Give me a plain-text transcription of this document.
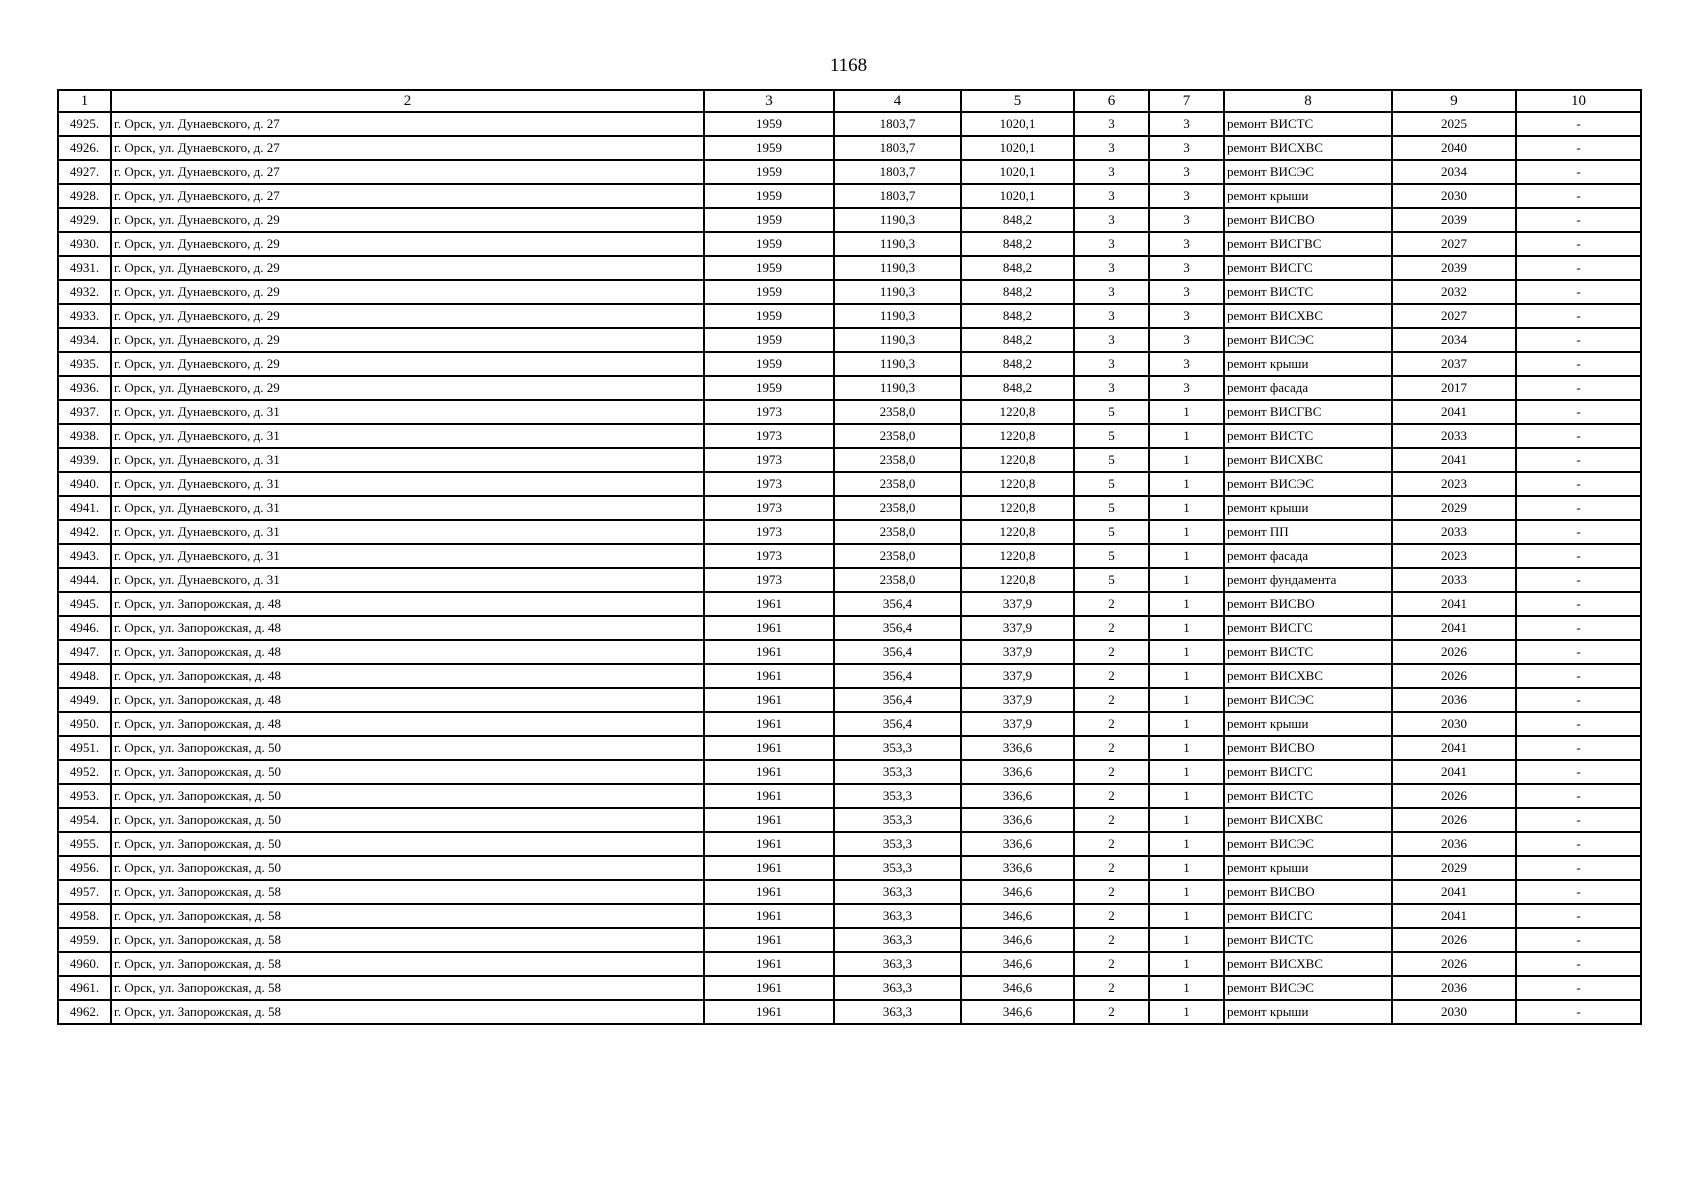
1168
1	2	3	4	5	6	7	8	9	10
4925.	г. Орск, ул. Дунаевского, д. 27	1959	1803,7	1020,1	3	3	ремонт ВИСТС	2025	-
4926.	г. Орск, ул. Дунаевского, д. 27	1959	1803,7	1020,1	3	3	ремонт ВИСХВС	2040	-
4927.	г. Орск, ул. Дунаевского, д. 27	1959	1803,7	1020,1	3	3	ремонт ВИСЭС	2034	-
4928.	г. Орск, ул. Дунаевского, д. 27	1959	1803,7	1020,1	3	3	ремонт крыши	2030	-
4929.	г. Орск, ул. Дунаевского, д. 29	1959	1190,3	848,2	3	3	ремонт ВИСВО	2039	-
4930.	г. Орск, ул. Дунаевского, д. 29	1959	1190,3	848,2	3	3	ремонт ВИСГВС	2027	-
4931.	г. Орск, ул. Дунаевского, д. 29	1959	1190,3	848,2	3	3	ремонт ВИСГС	2039	-
4932.	г. Орск, ул. Дунаевского, д. 29	1959	1190,3	848,2	3	3	ремонт ВИСТС	2032	-
4933.	г. Орск, ул. Дунаевского, д. 29	1959	1190,3	848,2	3	3	ремонт ВИСХВС	2027	-
4934.	г. Орск, ул. Дунаевского, д. 29	1959	1190,3	848,2	3	3	ремонт ВИСЭС	2034	-
4935.	г. Орск, ул. Дунаевского, д. 29	1959	1190,3	848,2	3	3	ремонт крыши	2037	-
4936.	г. Орск, ул. Дунаевского, д. 29	1959	1190,3	848,2	3	3	ремонт фасада	2017	-
4937.	г. Орск, ул. Дунаевского, д. 31	1973	2358,0	1220,8	5	1	ремонт ВИСГВС	2041	-
4938.	г. Орск, ул. Дунаевского, д. 31	1973	2358,0	1220,8	5	1	ремонт ВИСТС	2033	-
4939.	г. Орск, ул. Дунаевского, д. 31	1973	2358,0	1220,8	5	1	ремонт ВИСХВС	2041	-
4940.	г. Орск, ул. Дунаевского, д. 31	1973	2358,0	1220,8	5	1	ремонт ВИСЭС	2023	-
4941.	г. Орск, ул. Дунаевского, д. 31	1973	2358,0	1220,8	5	1	ремонт крыши	2029	-
4942.	г. Орск, ул. Дунаевского, д. 31	1973	2358,0	1220,8	5	1	ремонт ПП	2033	-
4943.	г. Орск, ул. Дунаевского, д. 31	1973	2358,0	1220,8	5	1	ремонт фасада	2023	-
4944.	г. Орск, ул. Дунаевского, д. 31	1973	2358,0	1220,8	5	1	ремонт фундамента	2033	-
4945.	г. Орск, ул. Запорожская, д. 48	1961	356,4	337,9	2	1	ремонт ВИСВО	2041	-
4946.	г. Орск, ул. Запорожская, д. 48	1961	356,4	337,9	2	1	ремонт ВИСГС	2041	-
4947.	г. Орск, ул. Запорожская, д. 48	1961	356,4	337,9	2	1	ремонт ВИСТС	2026	-
4948.	г. Орск, ул. Запорожская, д. 48	1961	356,4	337,9	2	1	ремонт ВИСХВС	2026	-
4949.	г. Орск, ул. Запорожская, д. 48	1961	356,4	337,9	2	1	ремонт ВИСЭС	2036	-
4950.	г. Орск, ул. Запорожская, д. 48	1961	356,4	337,9	2	1	ремонт крыши	2030	-
4951.	г. Орск, ул. Запорожская, д. 50	1961	353,3	336,6	2	1	ремонт ВИСВО	2041	-
4952.	г. Орск, ул. Запорожская, д. 50	1961	353,3	336,6	2	1	ремонт ВИСГС	2041	-
4953.	г. Орск, ул. Запорожская, д. 50	1961	353,3	336,6	2	1	ремонт ВИСТС	2026	-
4954.	г. Орск, ул. Запорожская, д. 50	1961	353,3	336,6	2	1	ремонт ВИСХВС	2026	-
4955.	г. Орск, ул. Запорожская, д. 50	1961	353,3	336,6	2	1	ремонт ВИСЭС	2036	-
4956.	г. Орск, ул. Запорожская, д. 50	1961	353,3	336,6	2	1	ремонт крыши	2029	-
4957.	г. Орск, ул. Запорожская, д. 58	1961	363,3	346,6	2	1	ремонт ВИСВО	2041	-
4958.	г. Орск, ул. Запорожская, д. 58	1961	363,3	346,6	2	1	ремонт ВИСГС	2041	-
4959.	г. Орск, ул. Запорожская, д. 58	1961	363,3	346,6	2	1	ремонт ВИСТС	2026	-
4960.	г. Орск, ул. Запорожская, д. 58	1961	363,3	346,6	2	1	ремонт ВИСХВС	2026	-
4961.	г. Орск, ул. Запорожская, д. 58	1961	363,3	346,6	2	1	ремонт ВИСЭС	2036	-
4962.	г. Орск, ул. Запорожская, д. 58	1961	363,3	346,6	2	1	ремонт крыши	2030	-
